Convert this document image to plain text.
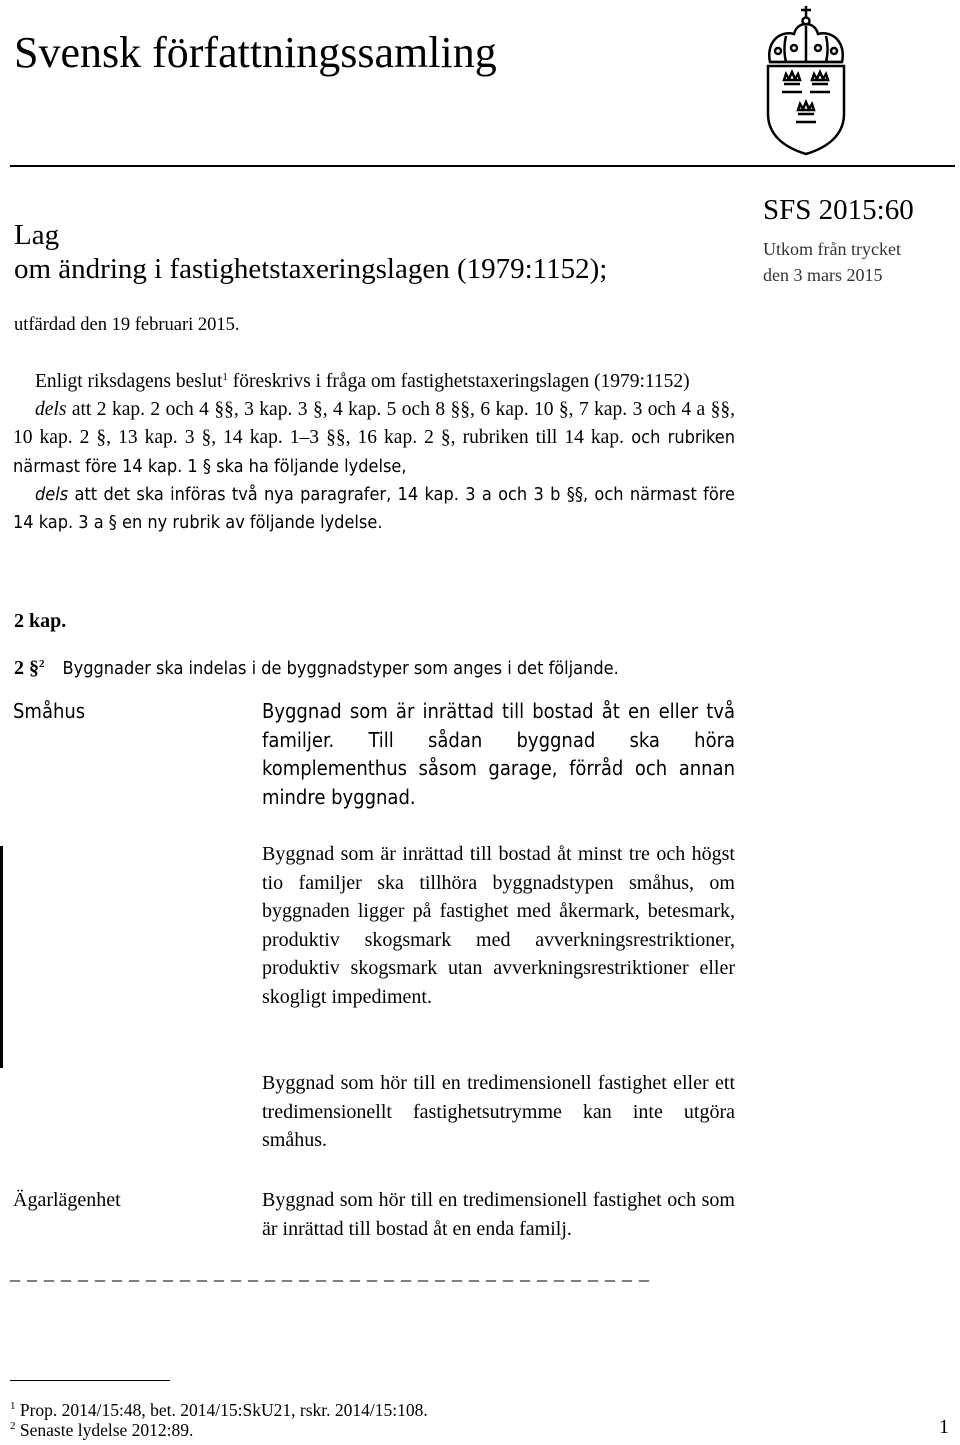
Svensk författningssamling
Lag
om ändring i fastighetstaxeringslagen (1979:1152);
SFS 2015:60
Utkom från trycket
den 3 mars 2015
utfärdad den 19 februari 2015.

Enligt riksdagens beslut$^1$ föreskrivs i fråga om fastighetstaxeringslagen (1979:1152)

dels att 2 kap. 2 och 4 §§, 3 kap. 3 §, 4 kap. 5 och 8 §§, 6 kap. 10 §, 7 kap. 3 och 4 a §§, 10 kap. 2 §, 13 kap. 3 §, 14 kap. 1–3 §§, 16 kap. 2 §, rubriken till 14 kap. och rubriken närmast före 14 kap. 1 § ska ha följande lydelse,

dels att det ska införas två nya paragrafer, 14 kap. 3 a och 3 b §§, och närmast före 14 kap. 3 a § en ny rubrik av följande lydelse.

2 kap.
2 §$^2$ Byggnader ska indelas i de byggnadstyper som anges i det följande.
Småhus	Byggnad som är inrättad till bostad åt en eller två familjer. Till sådan byggnad ska höra komplementhus såsom garage, förråd och annan mindre byggnad.
Byggnad som är inrättad till bostad åt minst tre och högst tio familjer ska tillhöra byggnadstypen småhus, om byggnaden ligger på fastighet med åkermark, betesmark, produktiv skogsmark med avverkningsrestriktioner, produktiv skogsmark utan avverkningsrestriktioner eller skogligt impediment.
Byggnad som hör till en tredimensionell fastighet eller ett tredimensionellt fastighetsutrymme kan inte utgöra småhus.
Ägarlägenhet	Byggnad som hör till en tredimensionell fastighet och som är inrättad till bostad åt en enda familj.
_ _ _ _ _ _ _ _ _ _ _ _ _ _ _ _ _ _ _ _ _ _ _ _ _ _ _ _ _ _ _ _ _ _ _ _ _ _
$^1$ Prop. 2014/15:48, bet. 2014/15:SkU21, rskr. 2014/15:108.
$^2$ Senaste lydelse 2012:89.	1
